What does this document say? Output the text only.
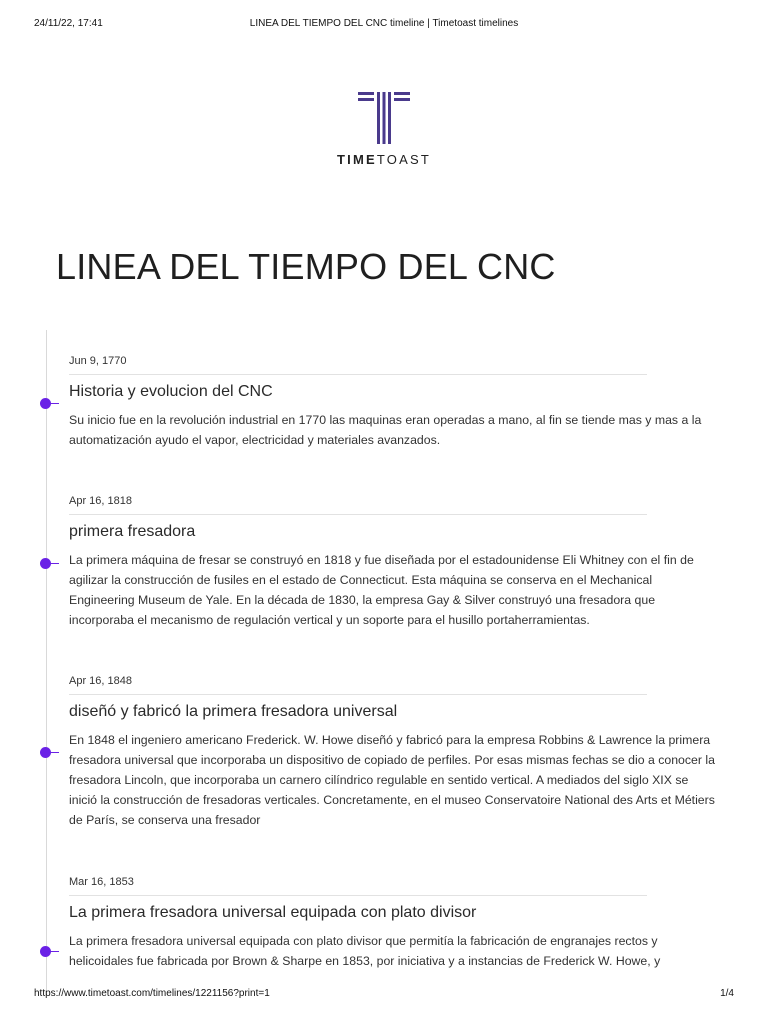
24/11/22, 17:41	LINEA DEL TIEMPO DEL CNC timeline | Timetoast timelines
TIMETOAST
LINEA DEL TIEMPO DEL CNC
Jun 9, 1770
Historia y evolucion del CNC
Su inicio fue en la revolución industrial en 1770 las maquinas eran operadas a mano, al fin se tiende mas y mas a la automatización ayudo el vapor, electricidad y materiales avanzados.
Apr 16, 1818
primera fresadora
La primera máquina de fresar se construyó en 1818 y fue diseñada por el estadounidense Eli Whitney con el fin de agilizar la construcción de fusiles en el estado de Connecticut. Esta máquina se conserva en el Mechanical Engineering Museum de Yale. En la década de 1830, la empresa Gay & Silver construyó una fresadora que incorporaba el mecanismo de regulación vertical y un soporte para el husillo portaherramientas.
Apr 16, 1848
diseñó y fabricó la primera fresadora universal
En 1848 el ingeniero americano Frederick. W. Howe diseñó y fabricó para la empresa Robbins & Lawrence la primera fresadora universal que incorporaba un dispositivo de copiado de perfiles. Por esas mismas fechas se dio a conocer la fresadora Lincoln, que incorporaba un carnero cilíndrico regulable en sentido vertical. A mediados del siglo XIX se inició la construcción de fresadoras verticales. Concretamente, en el museo Conservatoire National des Arts et Métiers de París, se conserva una fresador
Mar 16, 1853
La primera fresadora universal equipada con plato divisor
La primera fresadora universal equipada con plato divisor que permitía la fabricación de engranajes rectos y helicoidales fue fabricada por Brown & Sharpe en 1853, por iniciativa y a instancias de Frederick W. Howe, y
https://www.timetoast.com/timelines/1221156?print=1	1/4
